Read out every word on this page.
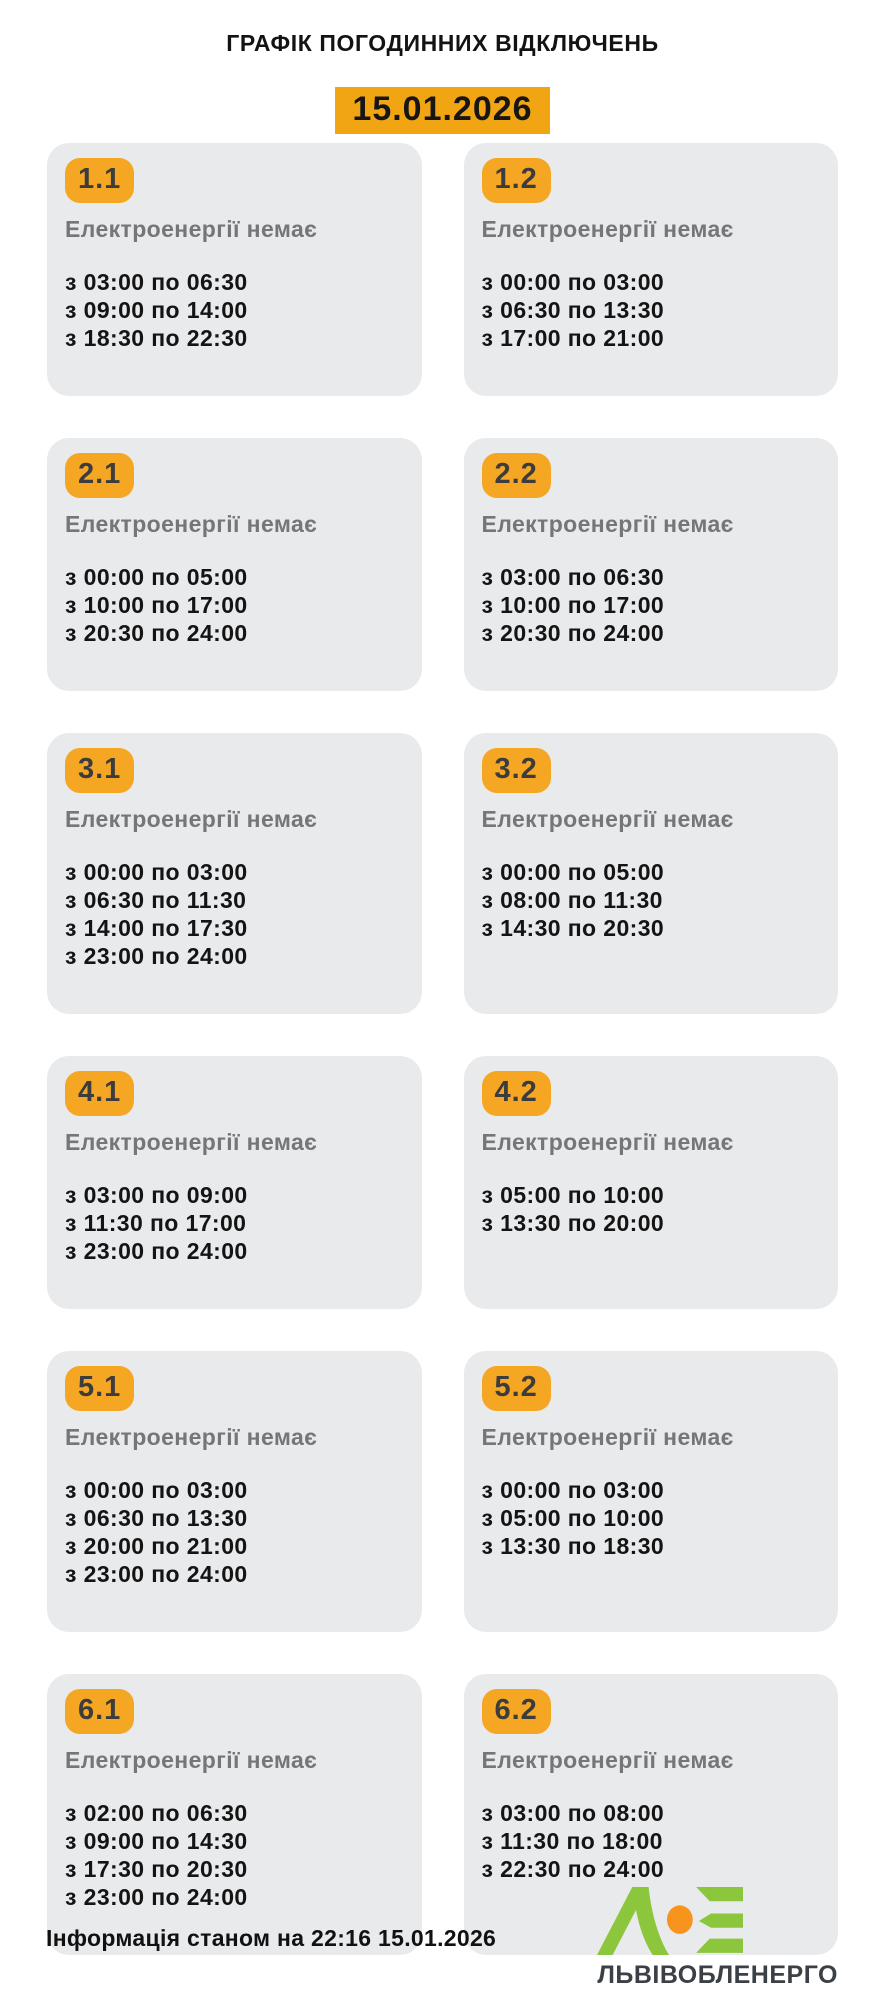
ГРАФІК ПОГОДИННИХ ВІДКЛЮЧЕНЬ
15.01.2026
1.1
Електроенергії немає
з 03:00 по 06:30
з 09:00 по 14:00
з 18:30 по 22:30
1.2
Електроенергії немає
з 00:00 по 03:00
з 06:30 по 13:30
з 17:00 по 21:00
2.1
Електроенергії немає
з 00:00 по 05:00
з 10:00 по 17:00
з 20:30 по 24:00
2.2
Електроенергії немає
з 03:00 по 06:30
з 10:00 по 17:00
з 20:30 по 24:00
3.1
Електроенергії немає
з 00:00 по 03:00
з 06:30 по 11:30
з 14:00 по 17:30
з 23:00 по 24:00
3.2
Електроенергії немає
з 00:00 по 05:00
з 08:00 по 11:30
з 14:30 по 20:30
4.1
Електроенергії немає
з 03:00 по 09:00
з 11:30 по 17:00
з 23:00 по 24:00
4.2
Електроенергії немає
з 05:00 по 10:00
з 13:30 по 20:00
5.1
Електроенергії немає
з 00:00 по 03:00
з 06:30 по 13:30
з 20:00 по 21:00
з 23:00 по 24:00
5.2
Електроенергії немає
з 00:00 по 03:00
з 05:00 по 10:00
з 13:30 по 18:30
6.1
Електроенергії немає
з 02:00 по 06:30
з 09:00 по 14:30
з 17:30 по 20:30
з 23:00 по 24:00
6.2
Електроенергії немає
з 03:00 по 08:00
з 11:30 по 18:00
з 22:30 по 24:00
Інформація станом на 22:16 15.01.2026
ЛЬВІВОБЛЕНЕРГО
